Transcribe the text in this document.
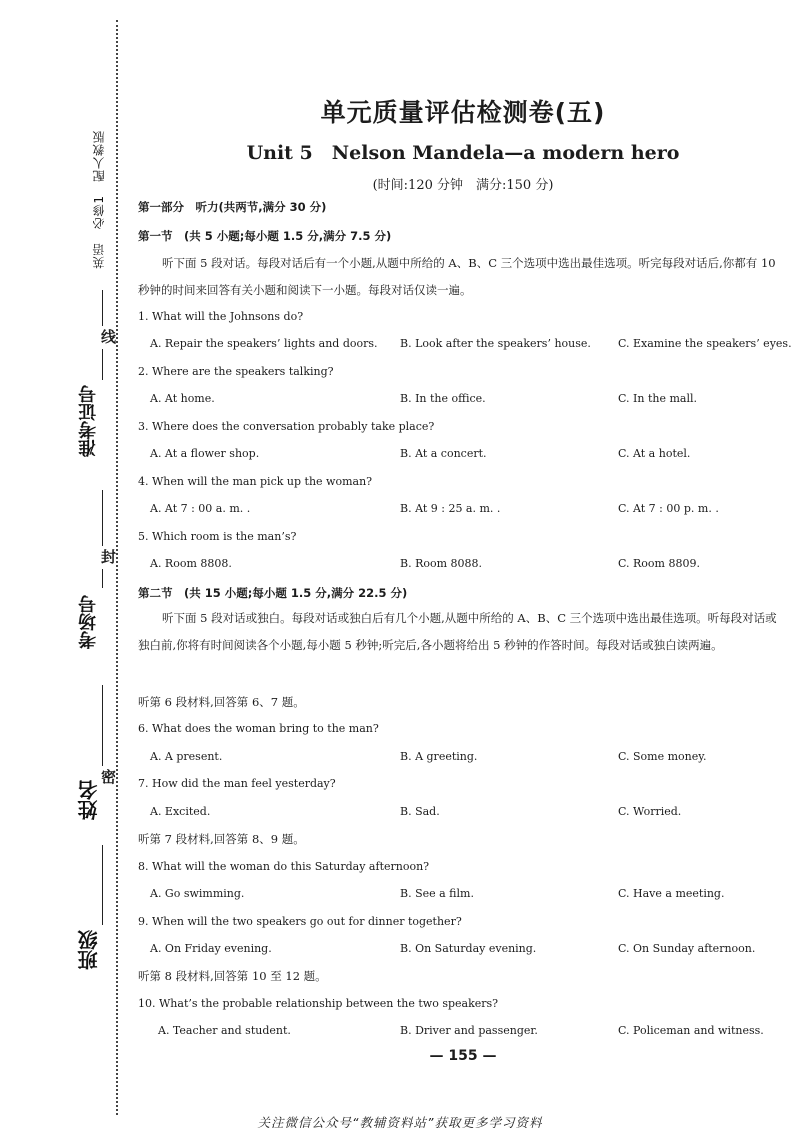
英语　必修1　配人教版
班级
姓名
考场号
准考证号
线
封
密
单元质量评估检测卷(五)
Unit 5　Nelson Mandela—a modern hero
(时间:120 分钟　满分:150 分)
第一部分　听力(共两节,满分 30 分)
第一节　(共 5 小题;每小题 1.5 分,满分 7.5 分)
听下面 5 段对话。每段对话后有一个小题,从题中所给的 A、B、C 三个选项中选出最佳选项。听完每段对话后,你都有 10 秒钟的时间来回答有关小题和阅读下一小题。每段对话仅读一遍。
1. What will the Johnsons do?
A. Repair the speakers’ lights and doors. B. Look after the speakers’ house. C. Examine the speakers’ eyes.
2. Where are the speakers talking?
A. At home.	B. In the office.	C. In the mall.
3. Where does the conversation probably take place?
A. At a flower shop.	B. At a concert.	C. At a hotel.
4. When will the man pick up the woman?
A. At 7 : 00 a. m. .	B. At 9 : 25 a. m. .	C. At 7 : 00 p. m. .
5. Which room is the man’s?
A. Room 8808.	B. Room 8088.	C. Room 8809.
第二节　(共 15 小题;每小题 1.5 分,满分 22.5 分)
听下面 5 段对话或独白。每段对话或独白后有几个小题,从题中所给的 A、B、C 三个选项中选出最佳选项。听每段对话或独白前,你将有时间阅读各个小题,每小题 5 秒钟;听完后,各小题将给出 5 秒钟的作答时间。每段对话或独白读两遍。
听第 6 段材料,回答第 6、7 题。
6. What does the woman bring to the man?
A. A present.	B. A greeting.	C. Some money.
7. How did the man feel yesterday?
A. Excited.	B. Sad.	C. Worried.
听第 7 段材料,回答第 8、9 题。
8. What will the woman do this Saturday afternoon?
A. Go swimming.	B. See a film.	C. Have a meeting.
9. When will the two speakers go out for dinner together?
A. On Friday evening.	B. On Saturday evening.	C. On Sunday afternoon.
听第 8 段材料,回答第 10 至 12 题。
10. What’s the probable relationship between the two speakers?
A. Teacher and student.	B. Driver and passenger.	C. Policeman and witness.
— 155 —
关注微信公众号“教辅资料站”获取更多学习资料
